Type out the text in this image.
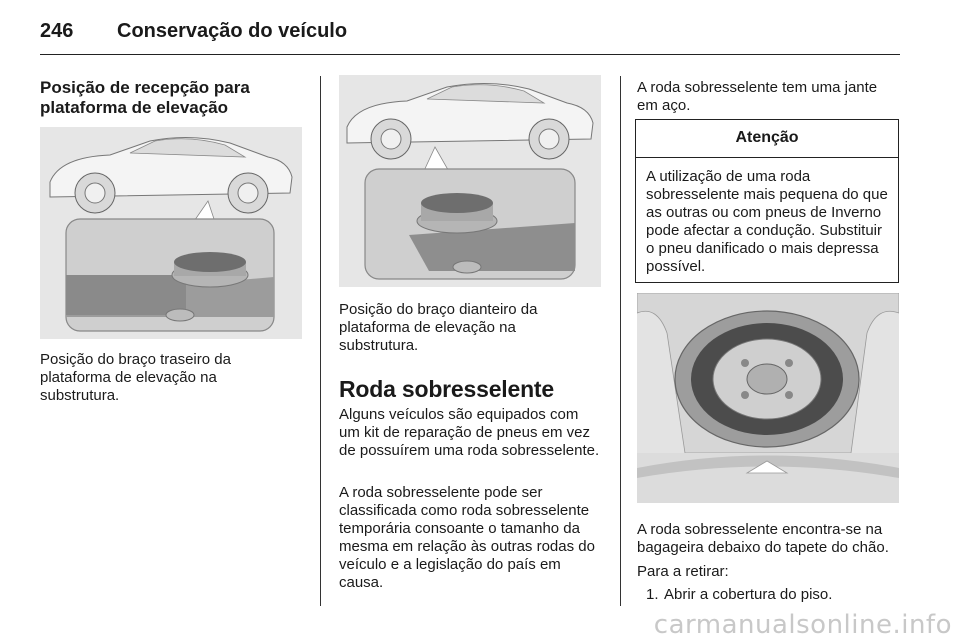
246 Conservação do veículo
Posição de recepção para plataforma de elevação

Posição do braço traseiro da plataforma de elevação na substrutura.

Posição do braço dianteiro da plataforma de elevação na substrutura.

Roda sobresselente

Alguns veículos são equipados com um kit de reparação de pneus em vez de possuírem uma roda sobresselente.

A roda sobresselente pode ser classificada como roda sobresselente temporária consoante o tamanho da mesma em relação às outras rodas do veículo e a legislação do país em causa.

A roda sobresselente tem uma jante em aço.

Atenção

A utilização de uma roda sobresselente mais pequena do que as outras ou com pneus de Inverno pode afectar a condução. Substituir o pneu danificado o mais depressa possível.

A roda sobresselente encontra-se na bagageira debaixo do tapete do chão.

Para a retirar:

1. Abrir a cobertura do piso.
carmanualsonline.info
